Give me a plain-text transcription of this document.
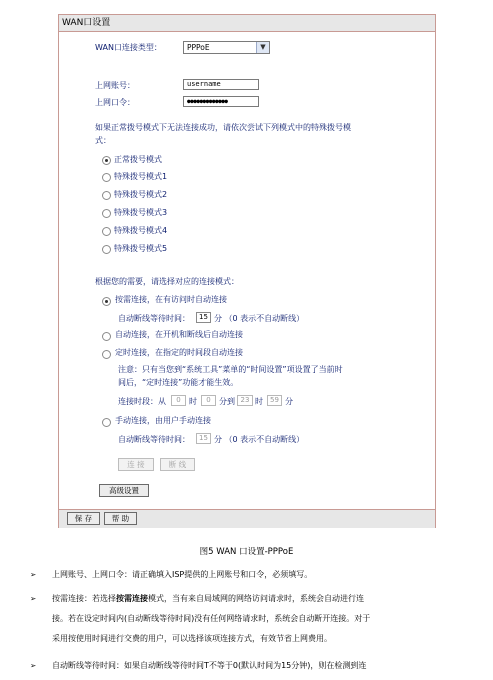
WAN口设置
WAN口连接类型：	PPPoE	▼
上网账号：	username
上网口令：	●●●●●●●●●●●●●
如果正常拨号模式下无法连接成功，请依次尝试下列模式中的特殊拨号模
式：
正常拨号模式
特殊拨号模式1
特殊拨号模式2
特殊拨号模式3
特殊拨号模式4
特殊拨号模式5
根据您的需要，请选择对应的连接模式：
按需连接，在有访问时自动连接
自动断线等待时间：	15 分 （0 表示不自动断线）
自动连接，在开机和断线后自动连接
定时连接，在指定的时间段自动连接
注意：只有当您到“系统工具”菜单的“时间设置”项设置了当前时
间后，“定时连接”功能才能生效。
连接时段：从	0	时	0	分到 23 时	59 分
手动连接，由用户手动连接
自动断线等待时间：	15 分 （0 表示不自动断线）
连 接	断 线
高级设置
保 存	帮 助
图5 WAN 口设置-PPPoE
➢ 上网账号、上网口令：请正确填入ISP提供的上网账号和口令，必须填写。
➢ 按需连接：若选择按需连接模式，当有来自局域网的网络访问请求时，系统会自动进行连
接。若在设定时间内(自动断线等待时间)没有任何网络请求时，系统会自动断开连接。对于
采用按使用时间进行交费的用户，可以选择该项连接方式，有效节省上网费用。
➢ 自动断线等待时间：如果自动断线等待时间T不等于0(默认时间为15分钟)，则在检测到连
